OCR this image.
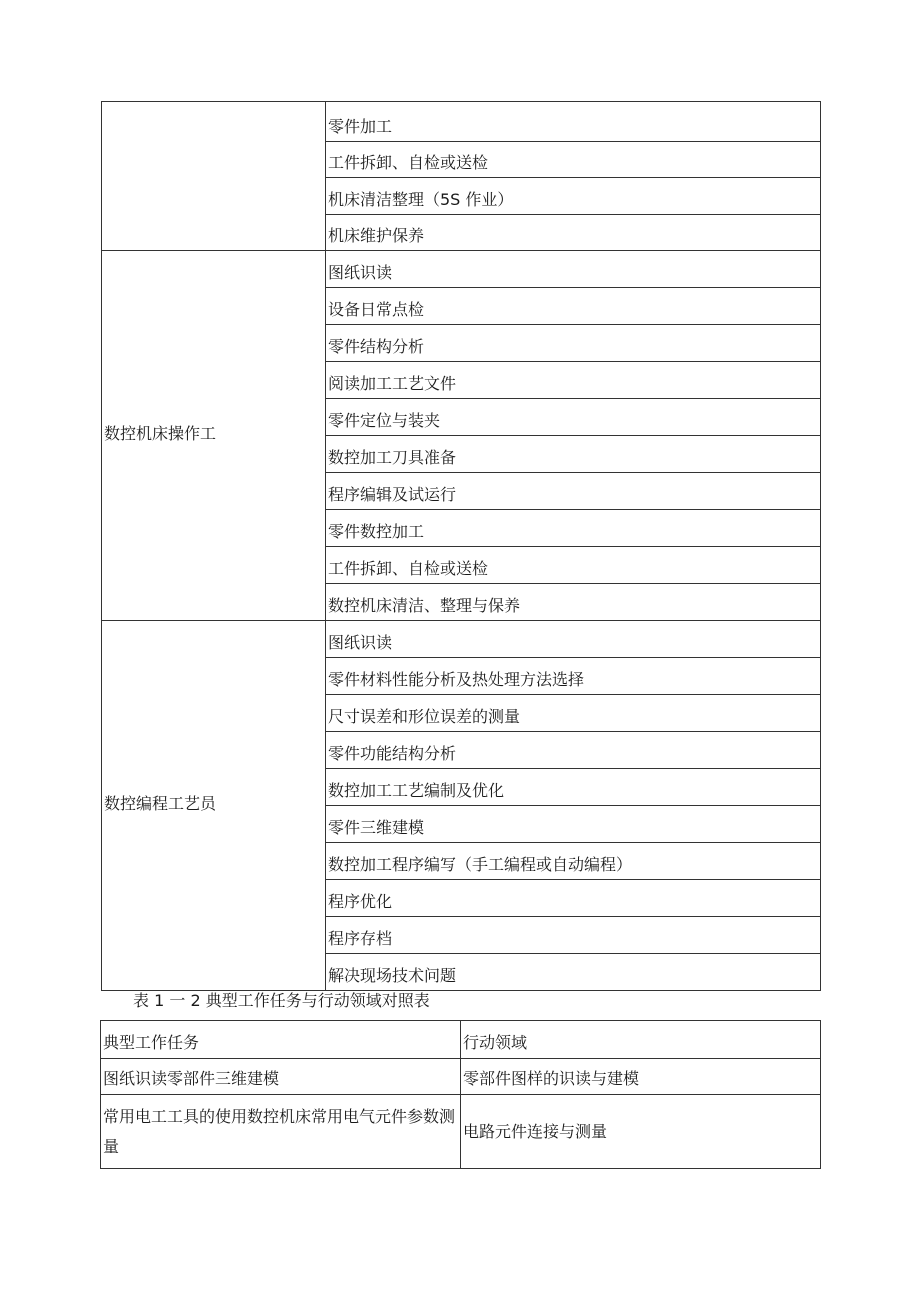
	零件加工
	工件拆卸、自检或送检
	机床清洁整理（5S 作业）
	机床维护保养
数控机床操作工	图纸识读
	设备日常点检
	零件结构分析
	阅读加工工艺文件
	零件定位与装夹
	数控加工刀具准备
	程序编辑及试运行
	零件数控加工
	工件拆卸、自检或送检
	数控机床清洁、整理与保养
数控编程工艺员	图纸识读
	零件材料性能分析及热处理方法选择
	尺寸误差和形位误差的测量
	零件功能结构分析
	数控加工工艺编制及优化
	零件三维建模
	数控加工程序编写（手工编程或自动编程）
	程序优化
	程序存档
	解决现场技术问题
表 1 一 2 典型工作任务与行动领域对照表
典型工作任务	行动领域
图纸识读零部件三维建模	零部件图样的识读与建模
常用电工工具的使用数控机床常用电气元件参数测量	电路元件连接与测量
